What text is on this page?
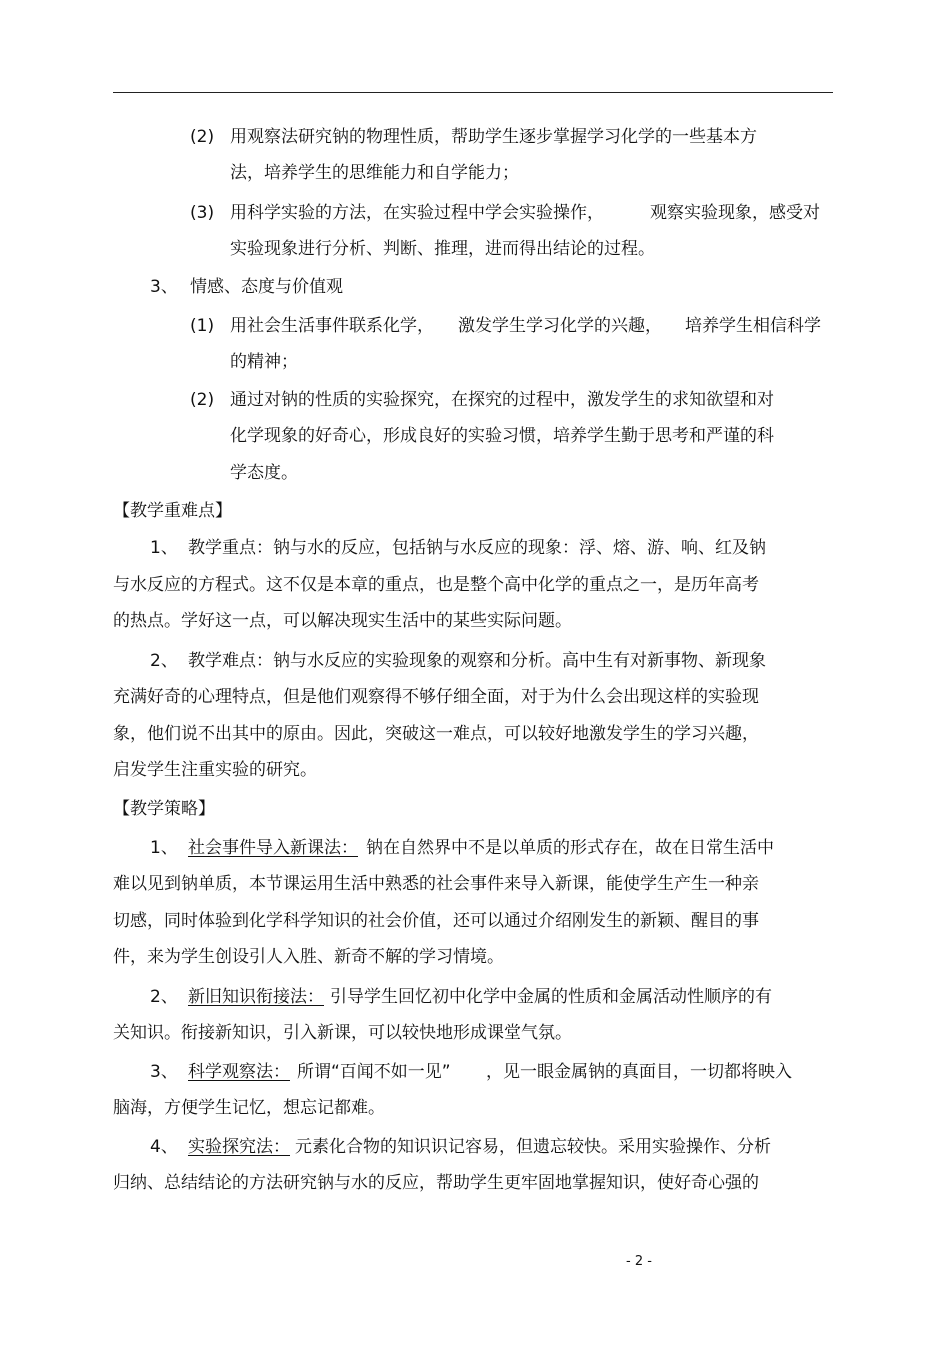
(2) 用观察法研究钠的物理性质，帮助学生逐步掌握学习化学的一些基本方
法，培养学生的思维能力和自学能力；
(3) 用科学实验的方法，在实验过程中学会实验操作，	观察实验现象，感受对
实验现象进行分析、判断、推理，进而得出结论的过程。
3、 情感、态度与价值观
(1) 用社会生活事件联系化学， 激发学生学习化学的兴趣， 培养学生相信科学
的精神；
(2) 通过对钠的性质的实验探究，在探究的过程中，激发学生的求知欲望和对
化学现象的好奇心，形成良好的实验习惯，培养学生勤于思考和严谨的科
学态度。
【教学重难点】
1、 教学重点：钠与水的反应，包括钠与水反应的现象：浮、熔、游、响、红及钠
与水反应的方程式。这不仅是本章的重点，也是整个高中化学的重点之一，是历年高考
的热点。学好这一点，可以解决现实生活中的某些实际问题。
2、 教学难点：钠与水反应的实验现象的观察和分析。高中生有对新事物、新现象
充满好奇的心理特点，但是他们观察得不够仔细全面，对于为什么会出现这样的实验现
象，他们说不出其中的原由。因此，突破这一难点，可以较好地激发学生的学习兴趣，
启发学生注重实验的研究。
【教学策略】
1、 社会事件导入新课法： 钠在自然界中不是以单质的形式存在，故在日常生活中
难以见到钠单质，本节课运用生活中熟悉的社会事件来导入新课，能使学生产生一种亲
切感，同时体验到化学科学知识的社会价值，还可以通过介绍刚发生的新颖、醒目的事
件，来为学生创设引人入胜、新奇不解的学习情境。
2、 新旧知识衔接法： 引导学生回忆初中化学中金属的性质和金属活动性顺序的有
关知识。衔接新知识，引入新课，可以较快地形成课堂气氛。
3、 科学观察法： 所谓“百闻不如一见” ，见一眼金属钠的真面目，一切都将映入
脑海，方便学生记忆，想忘记都难。
4、 实验探究法： 元素化合物的知识识记容易，但遗忘较快。采用实验操作、分析
归纳、总结结论的方法研究钠与水的反应，帮助学生更牢固地掌握知识，使好奇心强的
- 2 -
